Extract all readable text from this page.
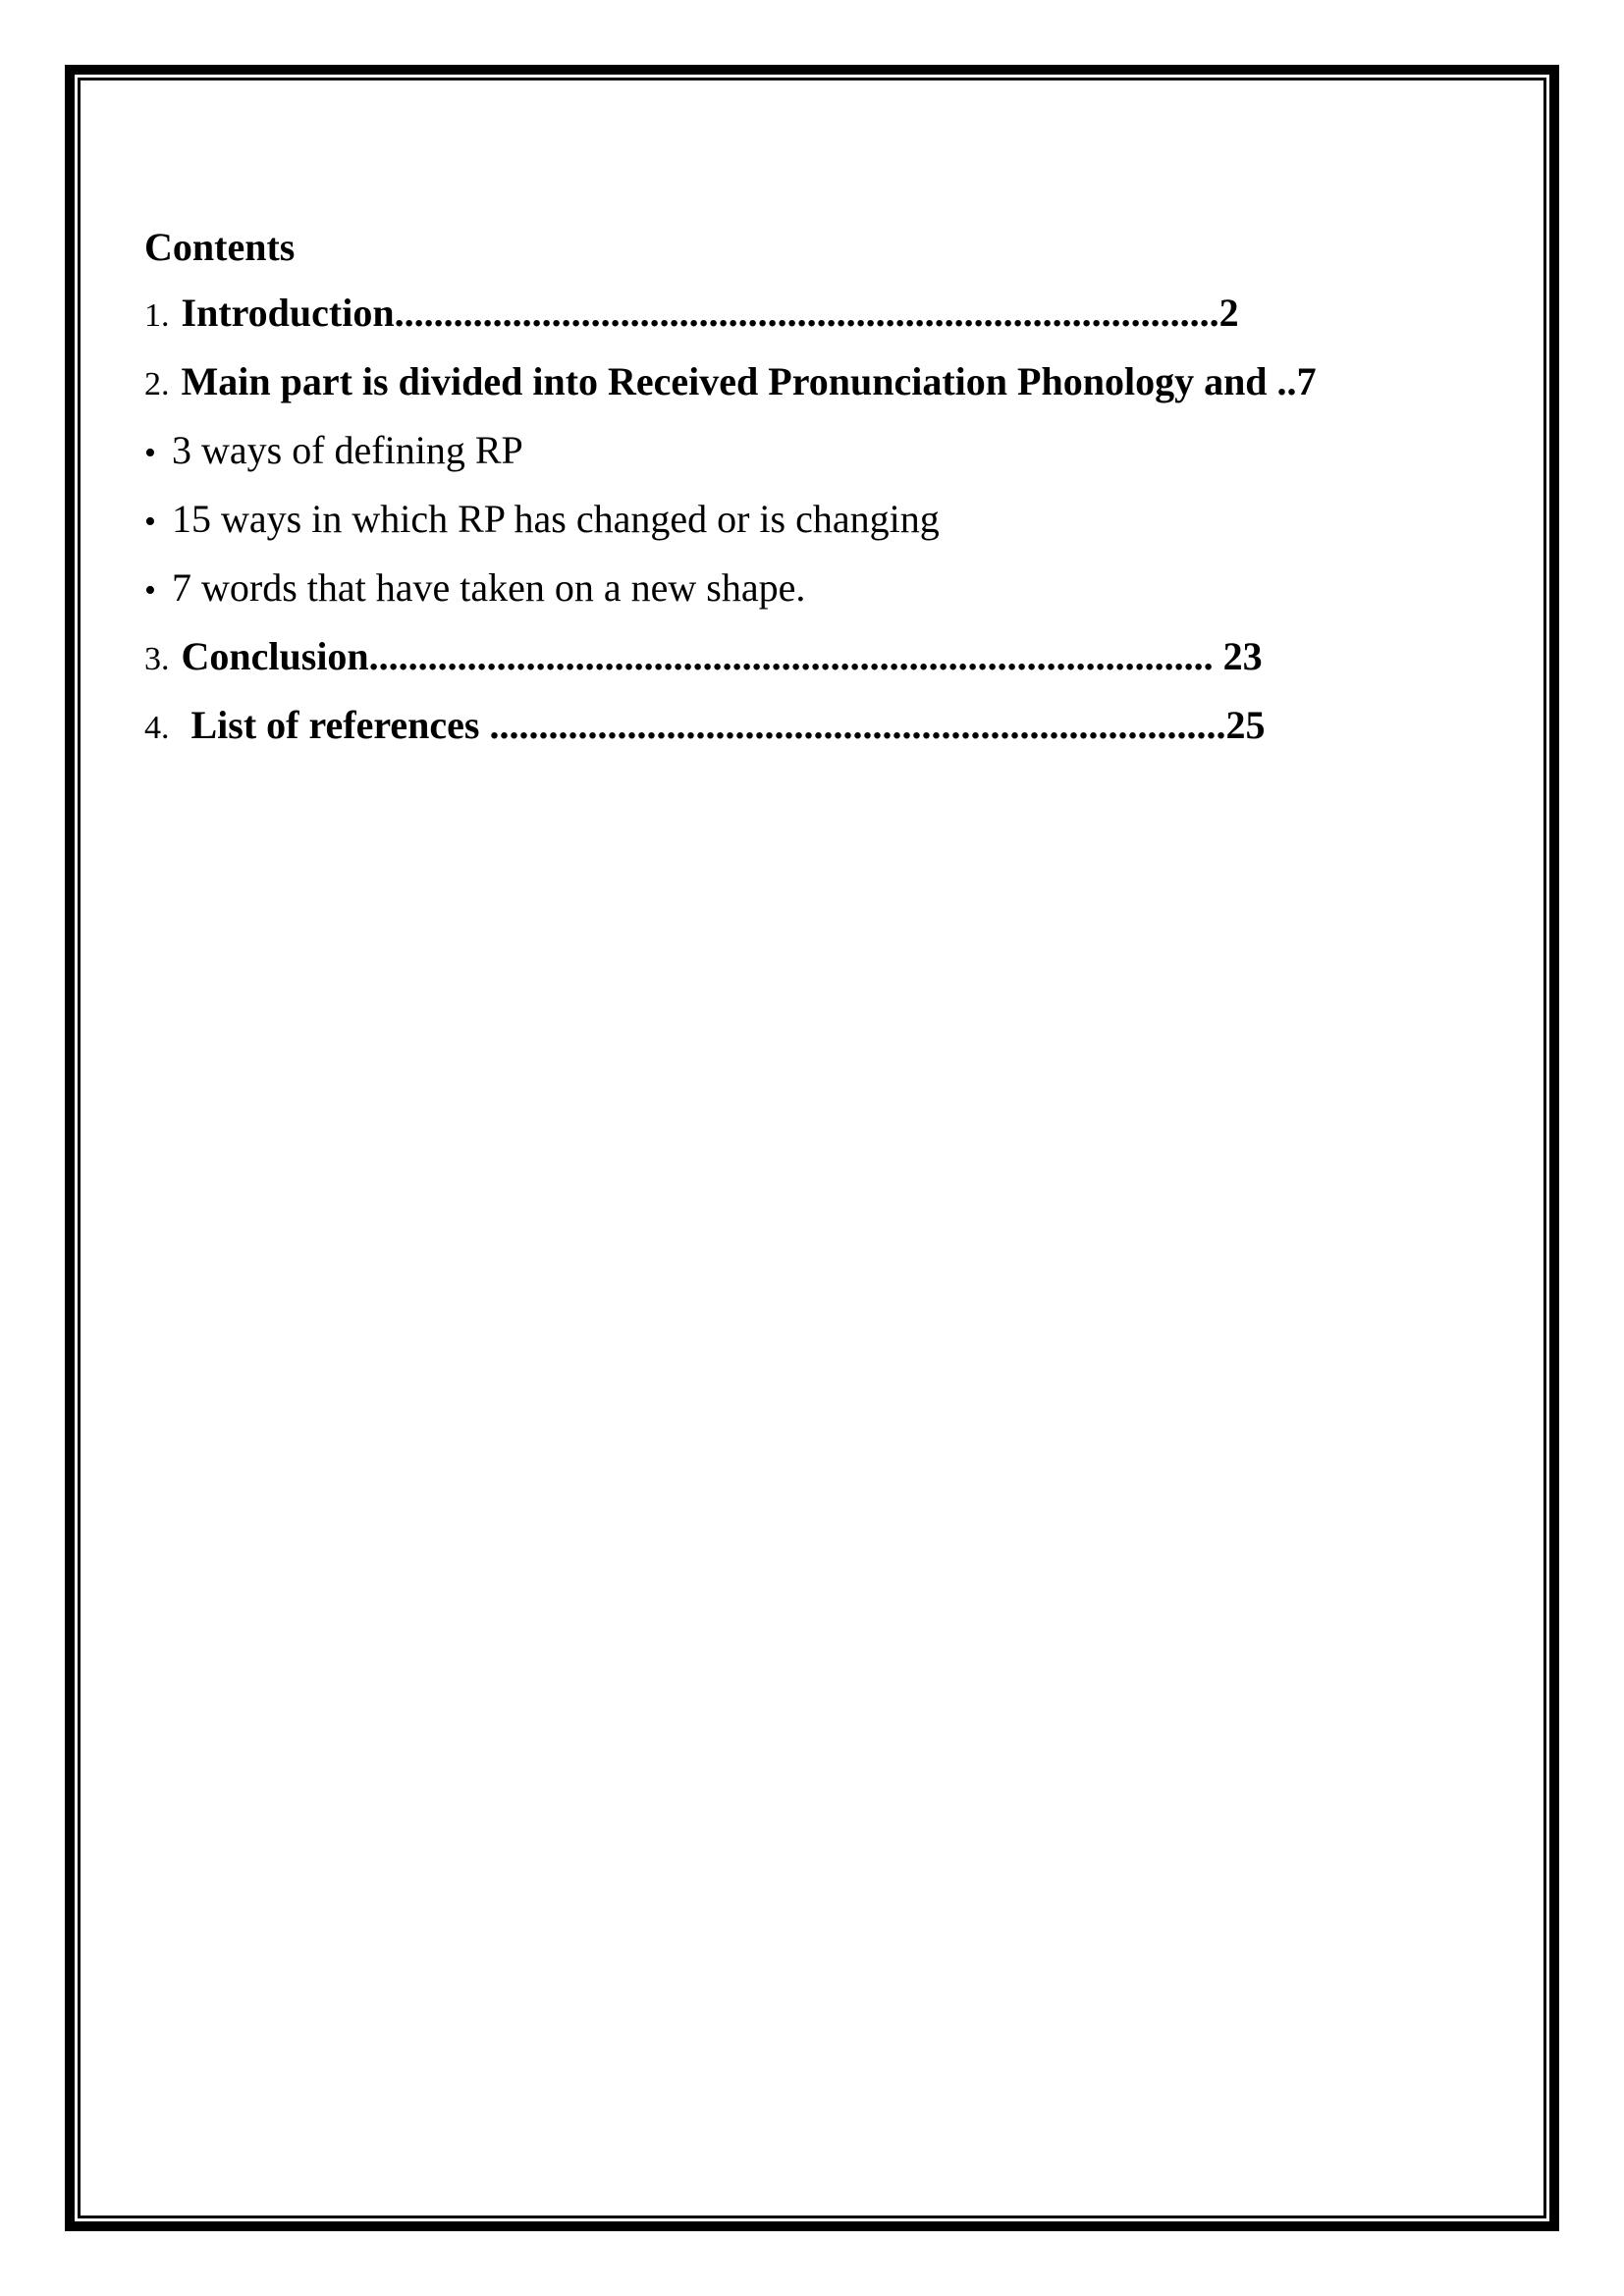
Contents
1. Introduction....................................................................................2
2. Main part is divided into Received Pronunciation Phonology and ..7
• 3 ways of defining RP
• 15 ways in which RP has changed or is changing
• 7 words that have taken on a new shape.
3. Conclusion...................................................................................... 23
4. List of references ...........................................................................25
